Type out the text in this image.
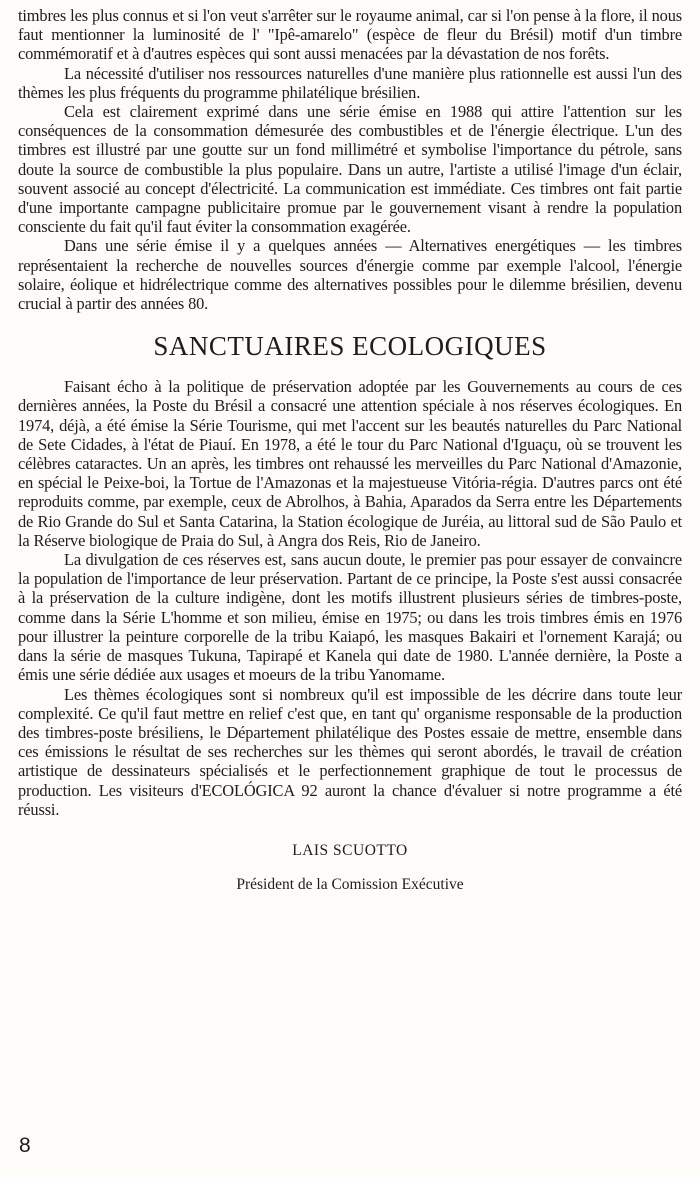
timbres les plus connus et si l'on veut s'arrêter sur le royaume animal, car si l'on pense à la flore, il nous faut mentionner la luminosité de l' "Ipê-amarelo" (espèce de fleur du Brésil) motif d'un timbre commémoratif et à d'autres espèces qui sont aussi menacées par la dévastation de nos forêts.

La nécessité d'utiliser nos ressources naturelles d'une manière plus rationnelle est aussi l'un des thèmes les plus fréquents du programme philatélique brésilien.

Cela est clairement exprimé dans une série émise en 1988 qui attire l'attention sur les conséquences de la consommation démesurée des combustibles et de l'énergie électrique. L'un des timbres est illustré par une goutte sur un fond millimétré et symbolise l'importance du pétrole, sans doute la source de combustible la plus populaire. Dans un autre, l'artiste a utilisé l'image d'un éclair, souvent associé au concept d'électricité. La communication est immédiate. Ces timbres ont fait partie d'une importante campagne publicitaire promue par le gouvernement visant à rendre la population consciente du fait qu'il faut éviter la consommation exagérée.

Dans une série émise il y a quelques années — Alternatives energétiques — les timbres représentaient la recherche de nouvelles sources d'énergie comme par exemple l'alcool, l'énergie solaire, éolique et hidrélectrique comme des alternatives possibles pour le dilemme brésilien, devenu crucial à partir des années 80.

SANCTUAIRES ECOLOGIQUES

Faisant écho à la politique de préservation adoptée par les Gouvernements au cours de ces dernières années, la Poste du Brésil a consacré une attention spéciale à nos réserves écologiques. En 1974, déjà, a été émise la Série Tourisme, qui met l'accent sur les beautés naturelles du Parc National de Sete Cidades, à l'état de Piauí. En 1978, a été le tour du Parc National d'Iguaçu, où se trouvent les célèbres cataractes. Un an après, les timbres ont rehaussé les merveilles du Parc National d'Amazonie, en spécial le Peixe-boi, la Tortue de l'Amazonas et la majestueuse Vitória-régia. D'autres parcs ont été reproduits comme, par exemple, ceux de Abrolhos, à Bahia, Aparados da Serra entre les Départements de Rio Grande do Sul et Santa Catarina, la Station écologique de Juréia, au littoral sud de São Paulo et la Réserve biologique de Praia do Sul, à Angra dos Reis, Rio de Janeiro.

La divulgation de ces réserves est, sans aucun doute, le premier pas pour essayer de convaincre la population de l'importance de leur préservation. Partant de ce principe, la Poste s'est aussi consacrée à la préservation de la culture indigène, dont les motifs illustrent plusieurs séries de timbres-poste, comme dans la Série L'homme et son milieu, émise en 1975; ou dans les trois timbres émis en 1976 pour illustrer la peinture corporelle de la tribu Kaiapó, les masques Bakairi et l'ornement Karajá; ou dans la série de masques Tukuna, Tapirapé et Kanela qui date de 1980. L'année dernière, la Poste a émis une série dédiée aux usages et moeurs de la tribu Yanomame.

Les thèmes écologiques sont si nombreux qu'il est impossible de les décrire dans toute leur complexité. Ce qu'il faut mettre en relief c'est que, en tant qu' organisme responsable de la production des timbres-poste brésiliens, le Département philatélique des Postes essaie de mettre, ensemble dans ces émissions le résultat de ses recherches sur les thèmes qui seront abordés, le travail de création artistique de dessinateurs spécialisés et le perfectionnement graphique de tout le processus de production. Les visiteurs d'ECOLÓGICA 92 auront la chance d'évaluer si notre programme a été réussi.

LAIS SCUOTTO
Président de la Comission Exécutive
8
